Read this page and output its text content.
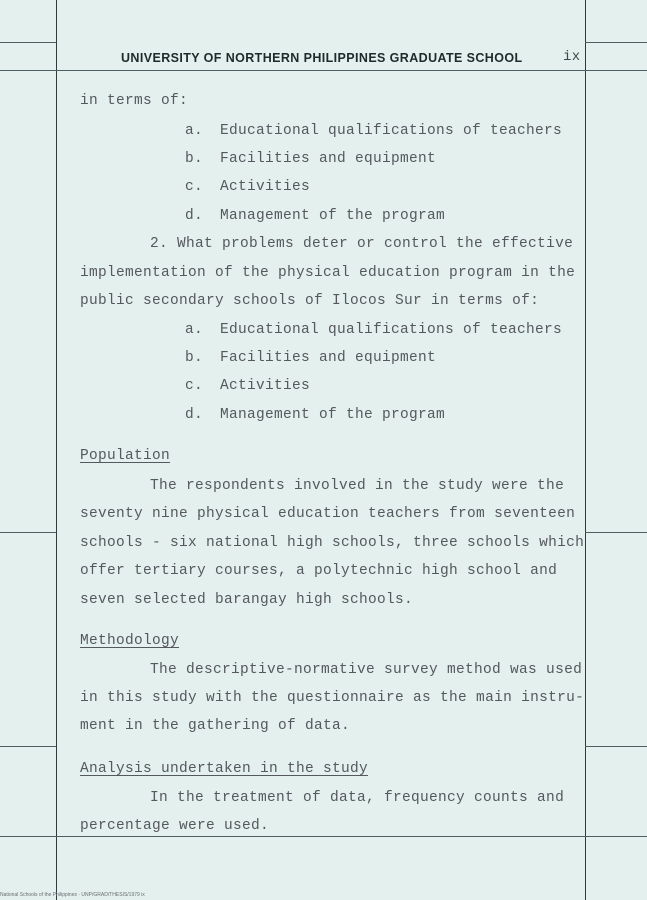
UNIVERSITY OF NORTHERN PHILIPPINES GRADUATE SCHOOL	ix
in terms of:
a. Educational qualifications of teachers
b. Facilities and equipment
c. Activities
d. Management of the program
2. What problems deter or control the effective
implementation of the physical education program in the
public secondary schools of Ilocos Sur in terms of:
a. Educational qualifications of teachers
b. Facilities and equipment
c. Activities
d. Management of the program
Population
The respondents involved in the study were the
seventy nine physical education teachers from seventeen
schools - six national high schools, three schools which
offer tertiary courses, a polytechnic high school and
seven selected barangay high schools.
Methodology
The descriptive-normative survey method was used
in this study with the questionnaire as the main instru-
ment in the gathering of data.
Analysis undertaken in the study
In the treatment of data, frequency counts and
percentage were used.
National Schools of the Philippines · UNP/GRAD/THESIS/1979 ix
